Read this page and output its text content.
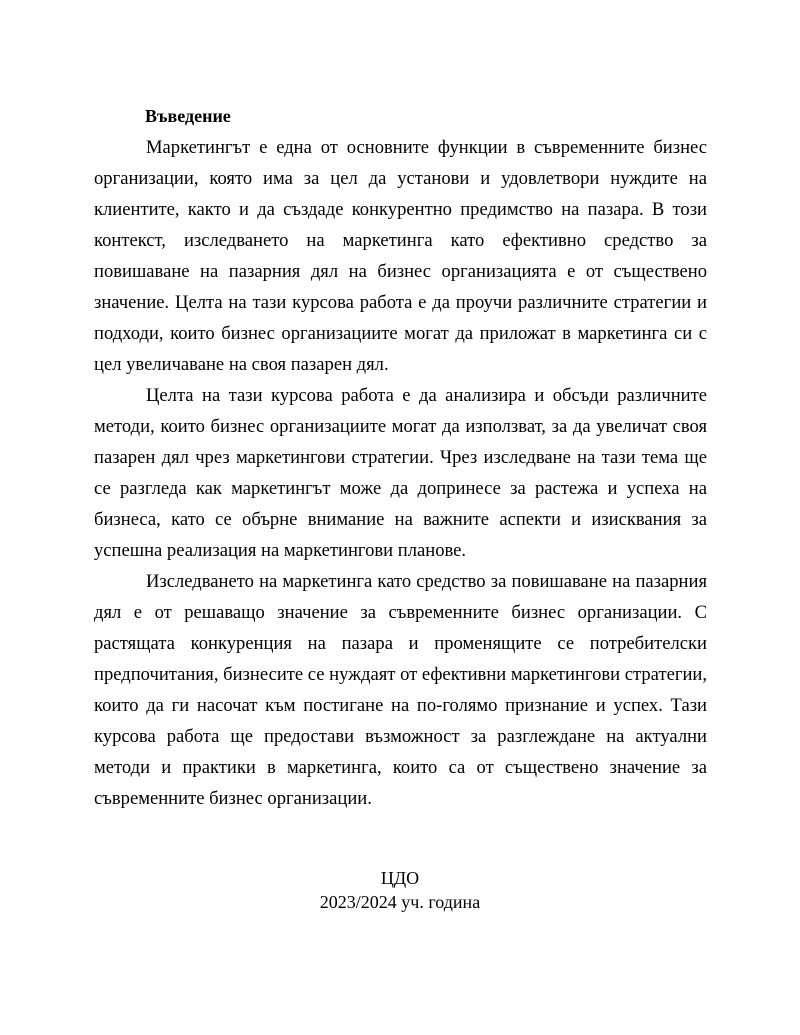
Въведение

Маркетингът е една от основните функции в съвременните бизнес организации, която има за цел да установи и удовлетвори нуждите на клиентите, както и да създаде конкурентно предимство на пазара. В този контекст, изследването на маркетинга като ефективно средство за повишаване на пазарния дял на бизнес организацията е от съществено значение. Целта на тази курсова работа е да проучи различните стратегии и подходи, които бизнес организациите могат да приложат в маркетинга си с цел увеличаване на своя пазарен дял.

Целта на тази курсова работа е да анализира и обсъди различните методи, които бизнес организациите могат да използват, за да увеличат своя пазарен дял чрез маркетингови стратегии. Чрез изследване на тази тема ще се разгледа как маркетингът може да допринесе за растежа и успеха на бизнеса, като се обърне внимание на важните аспекти и изисквания за успешна реализация на маркетингови планове.

Изследването на маркетинга като средство за повишаване на пазарния дял е от решаващо значение за съвременните бизнес организации. С растящата конкуренция на пазара и променящите се потребителски предпочитания, бизнесите се нуждаят от ефективни маркетингови стратегии, които да ги насочат към постигане на по-голямо признание и успех. Тази курсова работа ще предостави възможност за разглеждане на актуални методи и практики в маркетинга, които са от съществено значение за съвременните бизнес организации.

ЦДО
2023/2024 уч. година
